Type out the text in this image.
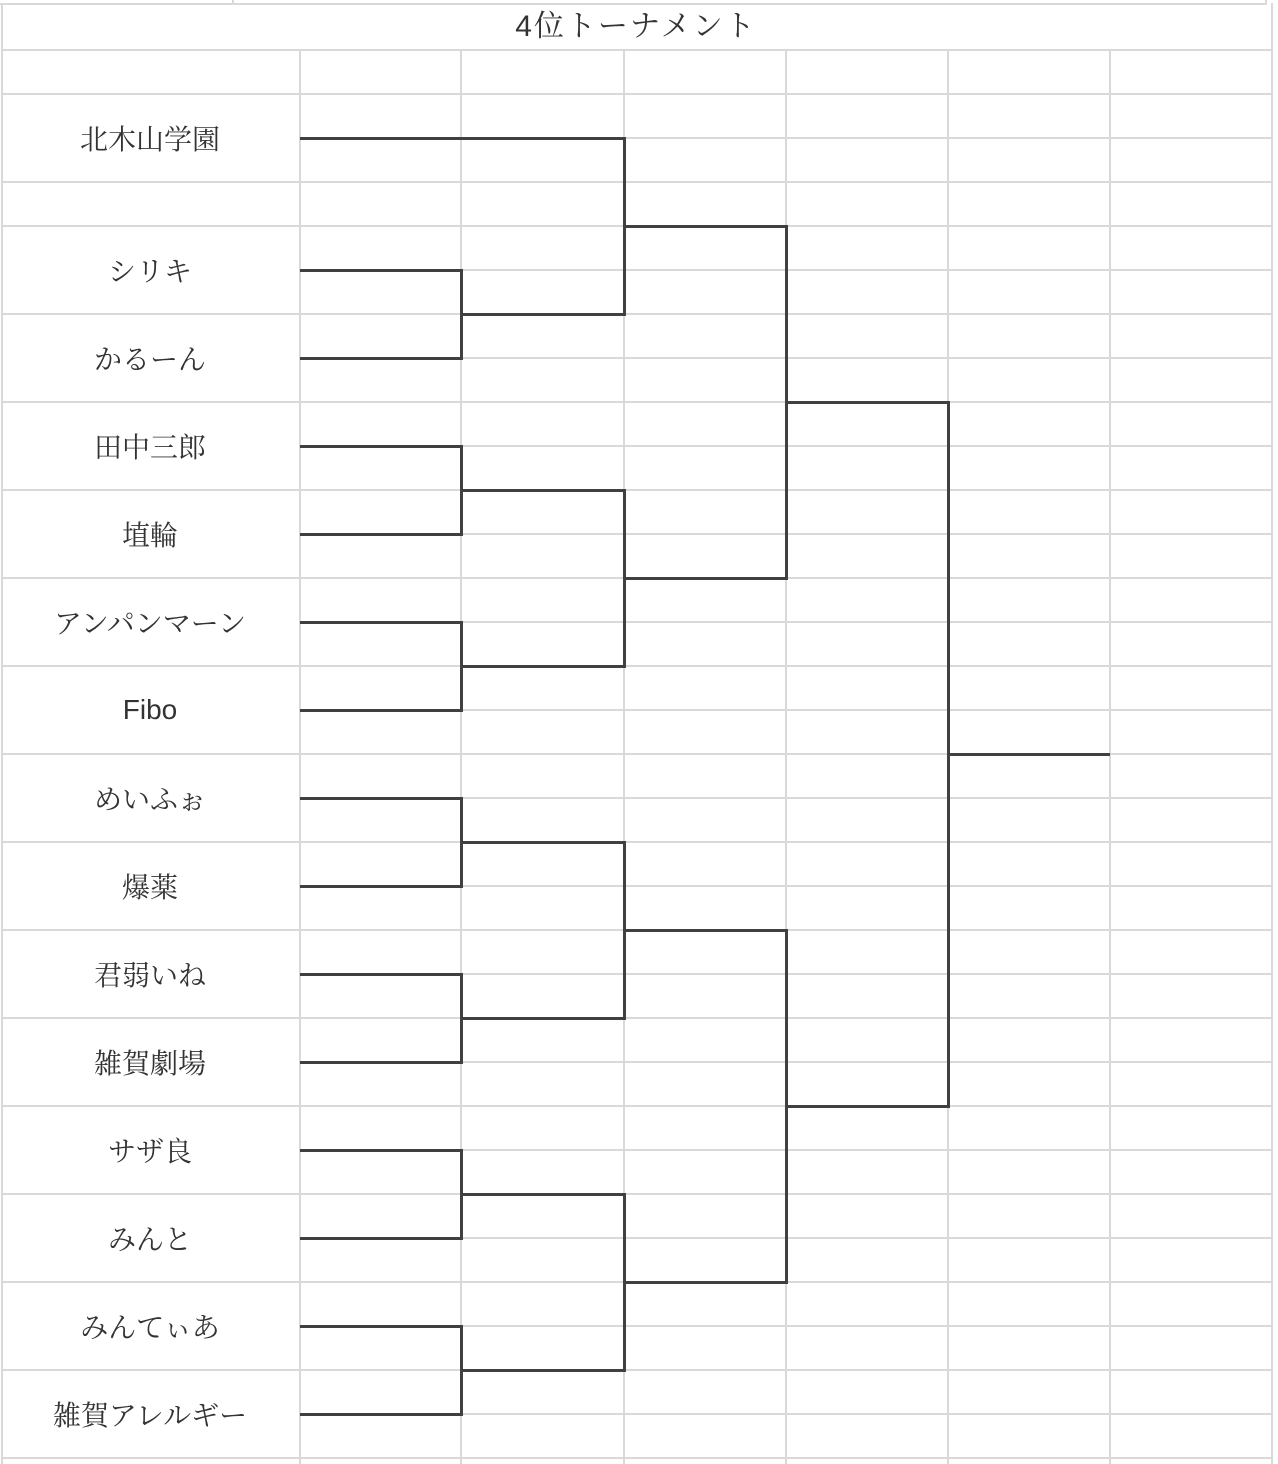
4位トーナメント
北木山学園
シリキ
かるーん
田中三郎
埴輪
アンパンマーン
Fibo
めいふぉ
爆薬
君弱いね
雑賀劇場
サザ良
みんと
みんてぃあ
雑賀アレルギー
